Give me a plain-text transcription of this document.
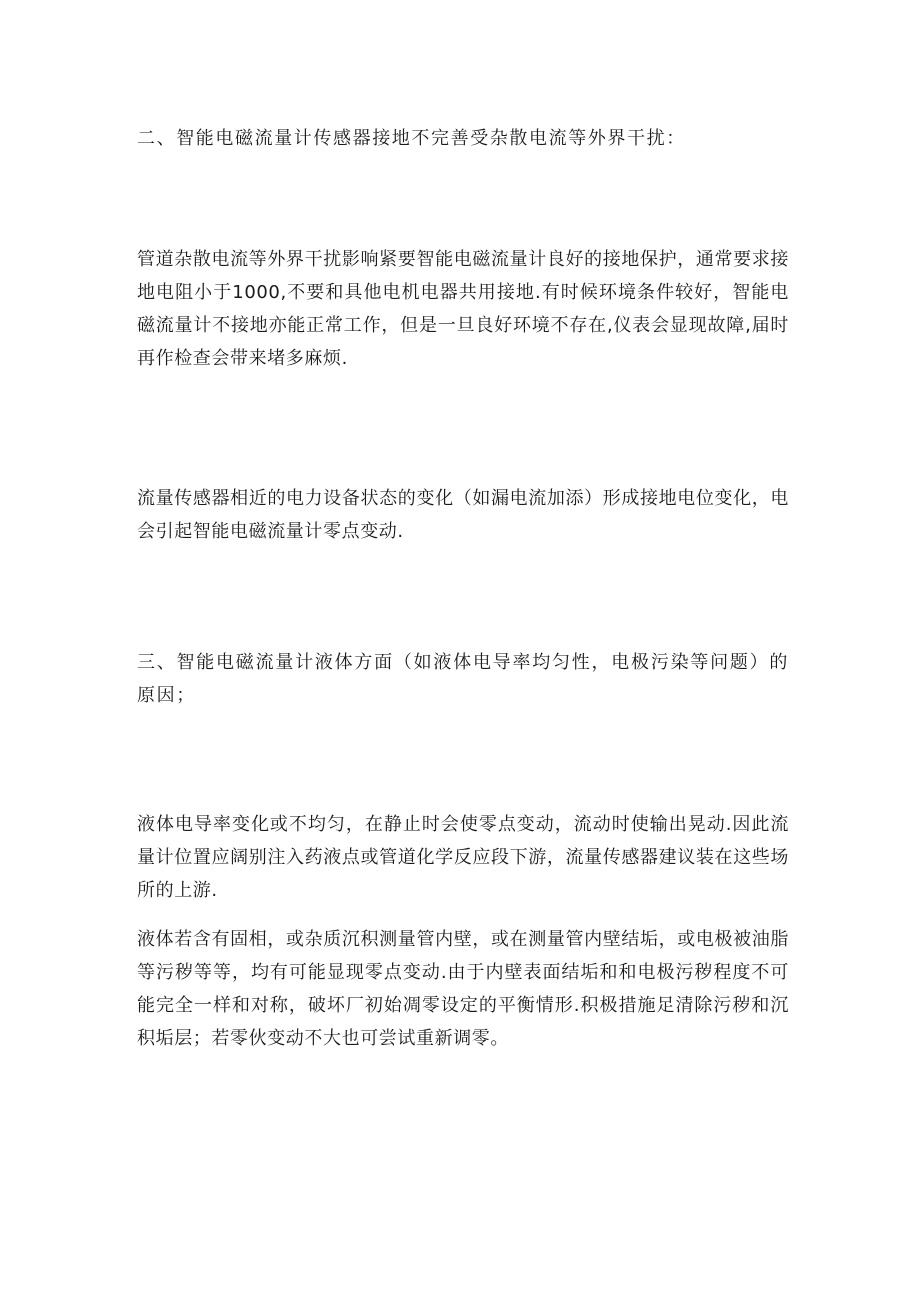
二、智能电磁流量计传感器接地不完善受杂散电流等外界干扰：

管道杂散电流等外界干扰影响紧要智能电磁流量计良好的接地保护，通常要求接地电阻小于1000,不要和具他电机电器共用接地.有时候环境条件较好，智能电磁流量计不接地亦能正常工作，但是一旦良好环境不存在,仪表会显现故障,届时再作检查会带来堵多麻烦.

流量传感器相近的电力设备状态的变化（如漏电流加添）形成接地电位变化，电会引起智能电磁流量计零点变动.

三、智能电磁流量计液体方面（如液体电导率均匀性，电极污染等问题）的原因；

液体电导率变化或不均匀，在静止时会使零点变动，流动时使输出晃动.因此流量计位置应阔别注入药液点或管道化学反应段下游，流量传感器建议装在这些场所的上游.

液体若含有固相，或杂质沉积测量管内壁，或在测量管内壁结垢，或电极被油脂等污秽等等，均有可能显现零点变动.由于内壁表面结垢和和电极污秽程度不可能完全一样和对称，破坏厂初始凋零设定的平衡情形.积极措施足清除污秽和沉积垢层；若零伙变动不大也可尝试重新调零。
